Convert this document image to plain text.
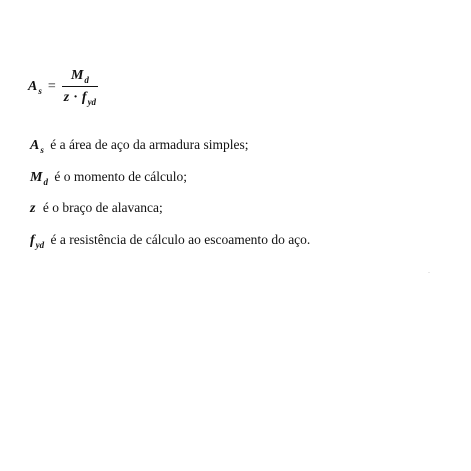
$A_s = \frac{M_d}{z \cdot f_{yd}}$
$A_s$ é a área de aço da armadura simples;
$M_d$ é o momento de cálculo;
z é o braço de alavanca;
$f_{yd}$ é a resistência de cálculo ao escoamento do aço.
